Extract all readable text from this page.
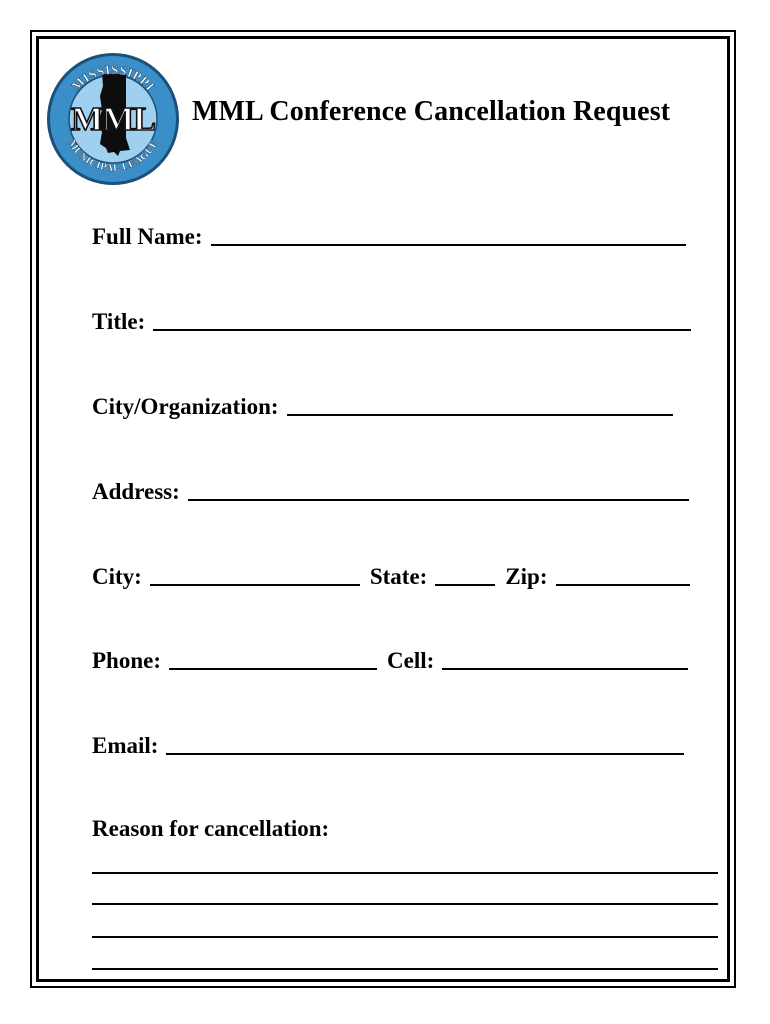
MISSISSIPPI
MML
MUNICIPAL LEAGUE
MML Conference Cancellation Request
Full Name:
Title:
City/Organization:
Address:
City:	State:	Zip:
Phone:	Cell:
Email:
Reason for cancellation:
